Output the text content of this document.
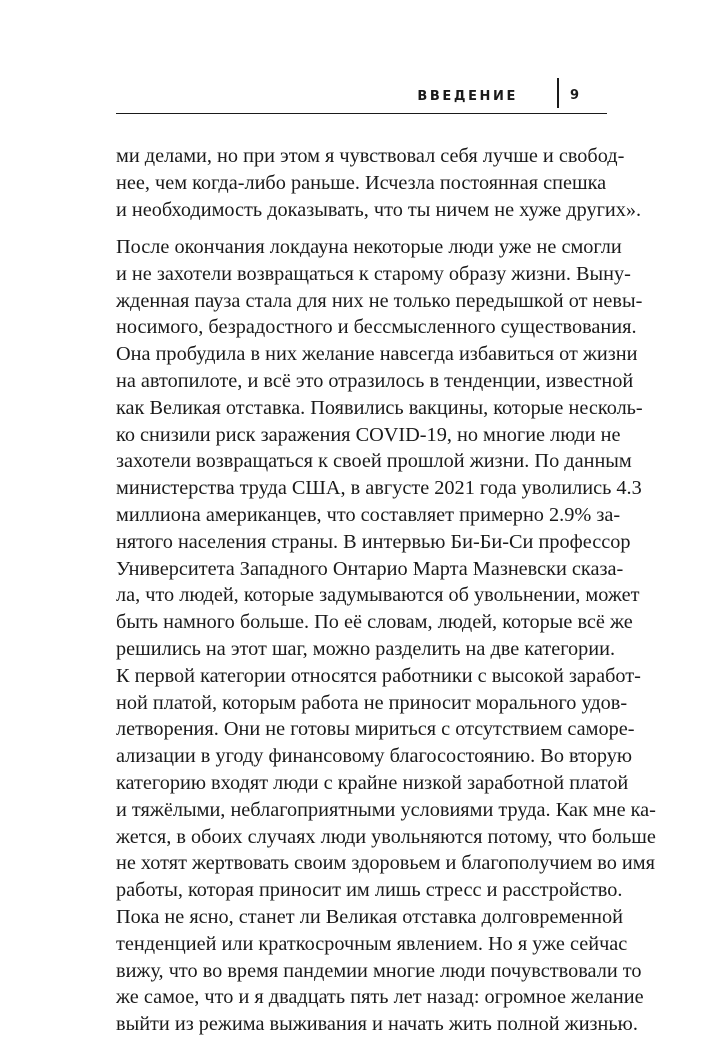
ВВЕДЕНИЕ	9
ми делами, но при этом я чувствовал себя лучше и свобод-
нее, чем когда-либо раньше. Исчезла постоянная спешка
и необходимость доказывать, что ты ничем не хуже других».
После окончания локдауна некоторые люди уже не смогли
и не захотели возвращаться к старому образу жизни. Выну-
жденная пауза стала для них не только передышкой от невы-
носимого, безрадостного и бессмысленного существования.
Она пробудила в них желание навсегда избавиться от жизни
на автопилоте, и всё это отразилось в тенденции, известной
как Великая отставка. Появились вакцины, которые несколь-
ко снизили риск заражения COVID-19, но многие люди не
захотели возвращаться к своей прошлой жизни. По данным
министерства труда США, в августе 2021 года уволились 4.3
миллиона американцев, что составляет примерно 2.9% за-
нятого населения страны. В интервью Би-Би-Си профессор
Университета Западного Онтарио Марта Мазневски сказа-
ла, что людей, которые задумываются об увольнении, может
быть намного больше. По её словам, людей, которые всё же
решились на этот шаг, можно разделить на две категории.
К первой категории относятся работники с высокой заработ-
ной платой, которым работа не приносит морального удов-
летворения. Они не готовы мириться с отсутствием саморе-
ализации в угоду финансовому благосостоянию. Во вторую
категорию входят люди с крайне низкой заработной платой
и тяжёлыми, неблагоприятными условиями труда. Как мне ка-
жется, в обоих случаях люди увольняются потому, что больше
не хотят жертвовать своим здоровьем и благополучием во имя
работы, которая приносит им лишь стресс и расстройство.
Пока не ясно, станет ли Великая отставка долговременной
тенденцией или краткосрочным явлением. Но я уже сейчас
вижу, что во время пандемии многие люди почувствовали то
же самое, что и я двадцать пять лет назад: огромное желание
выйти из режима выживания и начать жить полной жизнью.
